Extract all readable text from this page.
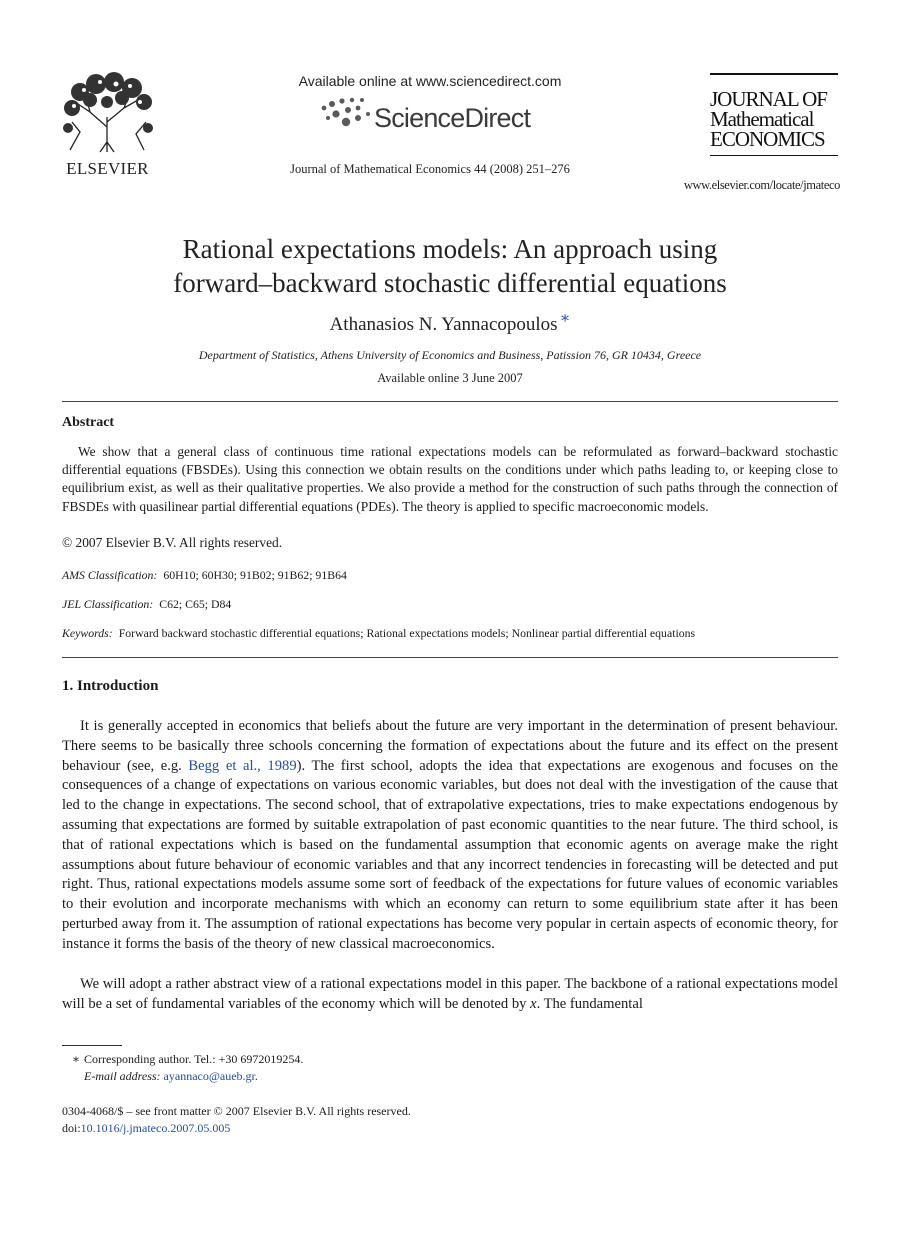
ELSEVIER
Available online at www.sciencedirect.com
ScienceDirect
Journal of Mathematical Economics 44 (2008) 251–276
JOURNAL OF
Mathematical
ECONOMICS
www.elsevier.com/locate/jmateco
Rational expectations models: An approach using
forward–backward stochastic differential equations
Athanasios N. Yannacopoulos ∗
Department of Statistics, Athens University of Economics and Business, Patission 76, GR 10434, Greece
Available online 3 June 2007
Abstract
We show that a general class of continuous time rational expectations models can be reformulated as forward–backward stochastic differential equations (FBSDEs). Using this connection we obtain results on the conditions under which paths leading to, or keeping close to equilibrium exist, as well as their qualitative properties. We also provide a method for the construction of such paths through the connection of FBSDEs with quasilinear partial differential equations (PDEs). The theory is applied to specific macroeconomic models.
© 2007 Elsevier B.V. All rights reserved.
AMS Classification: 60H10; 60H30; 91B02; 91B62; 91B64
JEL Classification: C62; C65; D84
Keywords: Forward backward stochastic differential equations; Rational expectations models; Nonlinear partial differential equations
1. Introduction
It is generally accepted in economics that beliefs about the future are very important in the determination of present behaviour. There seems to be basically three schools concerning the formation of expectations about the future and its effect on the present behaviour (see, e.g. Begg et al., 1989). The first school, adopts the idea that expectations are exogenous and focuses on the consequences of a change of expectations on various economic variables, but does not deal with the investigation of the cause that led to the change in expectations. The second school, that of extrapolative expectations, tries to make expectations endogenous by assuming that expectations are formed by suitable extrapolation of past economic quantities to the near future. The third school, is that of rational expectations which is based on the fundamental assumption that economic agents on average make the right assumptions about future behaviour of economic variables and that any incorrect tendencies in forecasting will be detected and put right. Thus, rational expectations models assume some sort of feedback of the expectations for future values of economic variables to their evolution and incorporate mechanisms with which an economy can return to some equilibrium state after it has been perturbed away from it. The assumption of rational expectations has become very popular in certain aspects of economic theory, for instance it forms the basis of the theory of new classical macroeconomics.
We will adopt a rather abstract view of a rational expectations model in this paper. The backbone of a rational expectations model will be a set of fundamental variables of the economy which will be denoted by x. The fundamental
∗ Corresponding author. Tel.: +30 6972019254.
E-mail address: ayannaco@aueb.gr.
0304-4068/$ – see front matter © 2007 Elsevier B.V. All rights reserved.
doi:10.1016/j.jmateco.2007.05.005
